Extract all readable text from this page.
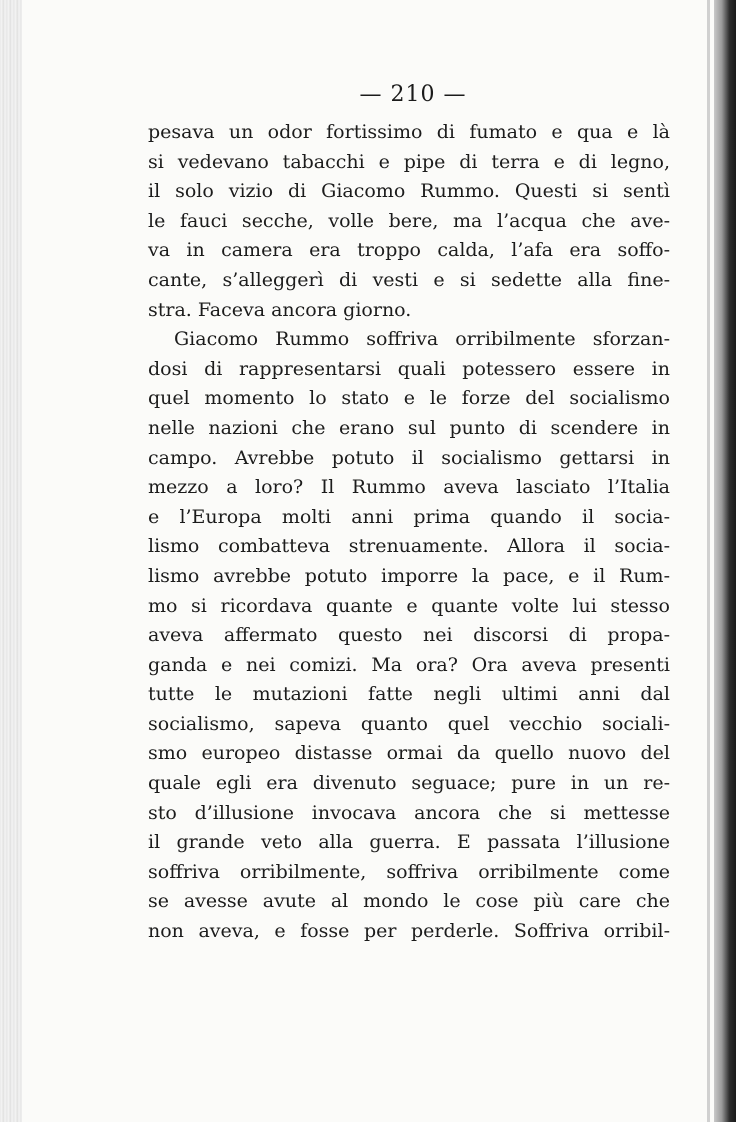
— 210 —
pesava un odor fortissimo di fumato e qua e là
si vedevano tabacchi e pipe di terra e di legno,
il solo vizio di Giacomo Rummo. Questi si sentì
le fauci secche, volle bere, ma l’acqua che ave-
va in camera era troppo calda, l’afa era soffo-
cante, s’alleggerì di vesti e si sedette alla fine-
stra. Faceva ancora giorno.
Giacomo Rummo soffriva orribilmente sforzan-
dosi di rappresentarsi quali potessero essere in
quel momento lo stato e le forze del socialismo
nelle nazioni che erano sul punto di scendere in
campo. Avrebbe potuto il socialismo gettarsi in
mezzo a loro? Il Rummo aveva lasciato l’Italia
e l’Europa molti anni prima quando il socia-
lismo combatteva strenuamente. Allora il socia-
lismo avrebbe potuto imporre la pace, e il Rum-
mo si ricordava quante e quante volte lui stesso
aveva affermato questo nei discorsi di propa-
ganda e nei comizi. Ma ora? Ora aveva presenti
tutte le mutazioni fatte negli ultimi anni dal
socialismo, sapeva quanto quel vecchio sociali-
smo europeo distasse ormai da quello nuovo del
quale egli era divenuto seguace; pure in un re-
sto d’illusione invocava ancora che si mettesse
il grande veto alla guerra. E passata l’illusione
soffriva orribilmente, soffriva orribilmente come
se avesse avute al mondo le cose più care che
non aveva, e fosse per perderle. Soffriva orribil-
